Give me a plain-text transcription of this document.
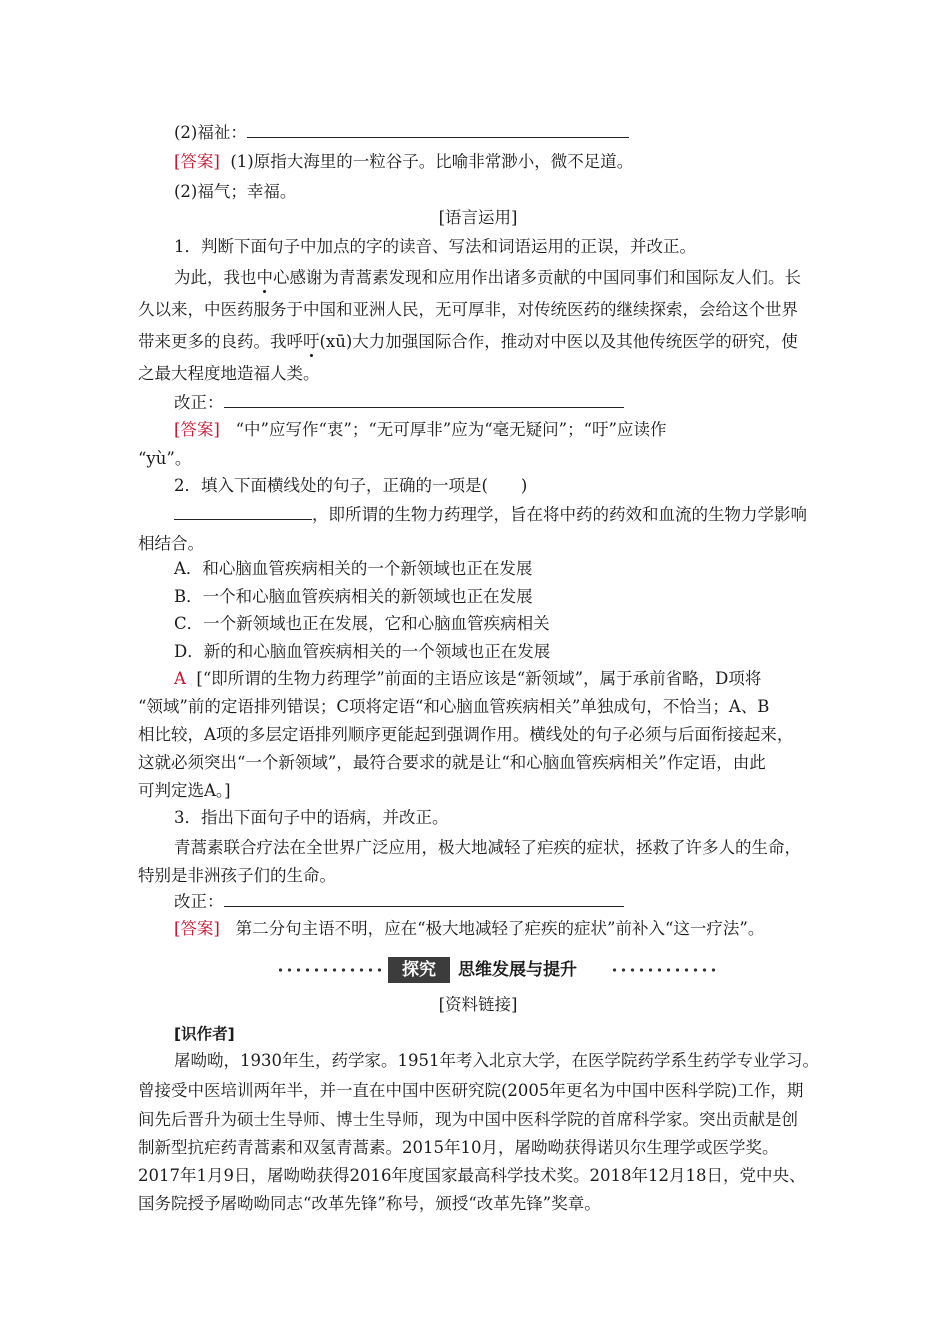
(2)福祉：
[答案] (1)原指大海里的一粒谷子。比喻非常渺小，微不足道。
(2)福气；幸福。
[语言运用]
1．判断下面句子中加点的字的读音、写法和词语运用的正误，并改正。
为此，我也中心感谢为青蒿素发现和应用作出诸多贡献的中国同事们和国际友人们。长
久以来，中医药服务于中国和亚洲人民，无可厚非，对传统医药的继续探索，会给这个世界
带来更多的良药。我呼吁(xū)大力加强国际合作，推动对中医以及其他传统医学的研究，使
之最大程度地造福人类。
改正：
[答案] “中”应写作“衷”；“无可厚非”应为“毫无疑问”；“吁”应读作
“yù”。
2．填入下面横线处的句子，正确的一项是(　　)
，即所谓的生物力药理学，旨在将中药的药效和血流的生物力学影响
相结合。
A．和心脑血管疾病相关的一个新领域也正在发展
B．一个和心脑血管疾病相关的新领域也正在发展
C．一个新领域也正在发展，它和心脑血管疾病相关
D．新的和心脑血管疾病相关的一个领域也正在发展
A [“即所谓的生物力药理学”前面的主语应该是“新领域”，属于承前省略，D项将
“领域”前的定语排列错误；C项将定语“和心脑血管疾病相关”单独成句，不恰当；A、B
相比较，A项的多层定语排列顺序更能起到强调作用。横线处的句子必须与后面衔接起来，
这就必须突出“一个新领域”，最符合要求的就是让“和心脑血管疾病相关”作定语，由此
可判定选A。]
3．指出下面句子中的语病，并改正。
青蒿素联合疗法在全世界广泛应用，极大地减轻了疟疾的症状，拯救了许多人的生命，
特别是非洲孩子们的生命。
改正：
[答案] 第二分句主语不明，应在“极大地减轻了疟疾的症状”前补入“这一疗法”。
探究	思维发展与提升
[资料链接]
[识作者]
屠呦呦，1930年生，药学家。1951年考入北京大学，在医学院药学系生药学专业学习。
曾接受中医培训两年半，并一直在中国中医研究院(2005年更名为中国中医科学院)工作，期
间先后晋升为硕士生导师、博士生导师，现为中国中医科学院的首席科学家。突出贡献是创
制新型抗疟药青蒿素和双氢青蒿素。2015年10月，屠呦呦获得诺贝尔生理学或医学奖。
2017年1月9日，屠呦呦获得2016年度国家最高科学技术奖。2018年12月18日，党中央、
国务院授予屠呦呦同志“改革先锋”称号，颁授“改革先锋”奖章。
